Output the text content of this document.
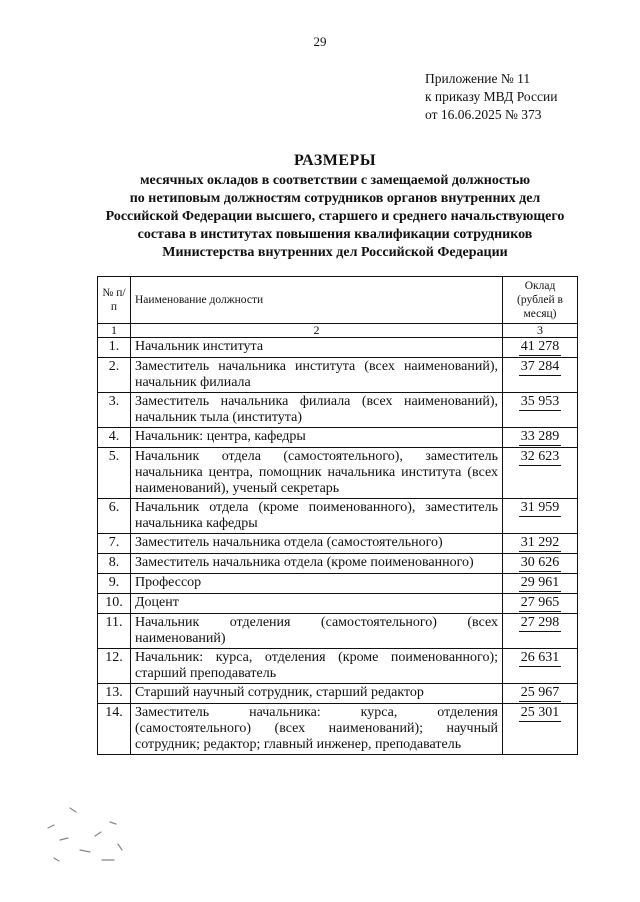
29
Приложение № 11
к приказу МВД России
от 16.06.2025 № 373
РАЗМЕРЫ
месячных окладов в соответствии с замещаемой должностью
по нетиповым должностям сотрудников органов внутренних дел
Российской Федерации высшего, старшего и среднего начальствующего
состава в институтах повышения квалификации сотрудников
Министерства внутренних дел Российской Федерации
№ п/п	Наименование должности	Оклад (рублей в месяц)
1	2	3
1.	Начальник института	41 278
2.	Заместитель начальника института (всех наименований), начальник филиала	37 284
3.	Заместитель начальника филиала (всех наименований), начальник тыла (института)	35 953
4.	Начальник: центра, кафедры	33 289
5.	Начальник отдела (самостоятельного), заместитель начальника центра, помощник начальника института (всех наименований), ученый секретарь	32 623
6.	Начальник отдела (кроме поименованного), заместитель начальника кафедры	31 959
7.	Заместитель начальника отдела (самостоятельного)	31 292
8.	Заместитель начальника отдела (кроме поименованного)	30 626
9.	Профессор	29 961
10.	Доцент	27 965
11.	Начальник отделения (самостоятельного) (всех наименований)	27 298
12.	Начальник: курса, отделения (кроме поименованного); старший преподаватель	26 631
13.	Старший научный сотрудник, старший редактор	25 967
14.	Заместитель начальника: курса, отделения (самостоятельного) (всех наименований); научный сотрудник; редактор; главный инженер, преподаватель	25 301
